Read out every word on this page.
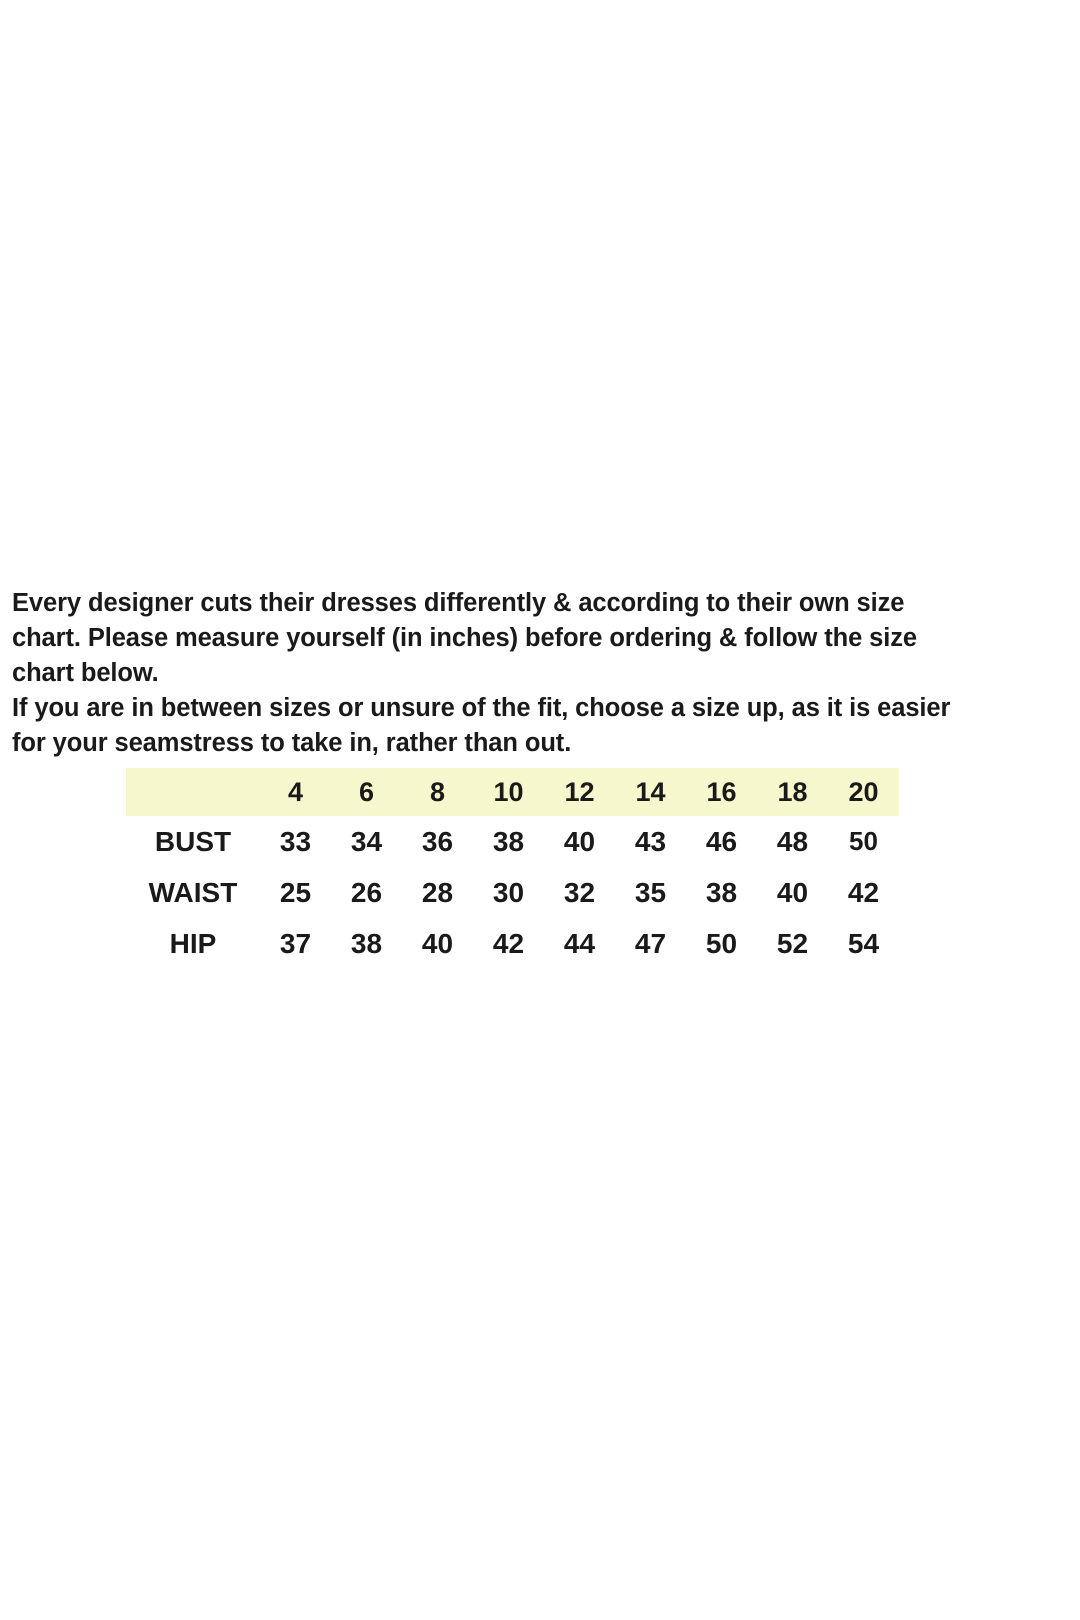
Every designer cuts their dresses differently & according to their own size

chart. Please measure yourself (in inches) before ordering & follow the size

chart below.

If you are in between sizes or unsure of the fit, choose a size up, as it is easier

for your seamstress to take in, rather than out.

	4	6	8	10	12	14	16	18	20
BUST	33	34	36	38	40	43	46	48	50
WAIST	25	26	28	30	32	35	38	40	42
HIP	37	38	40	42	44	47	50	52	54
